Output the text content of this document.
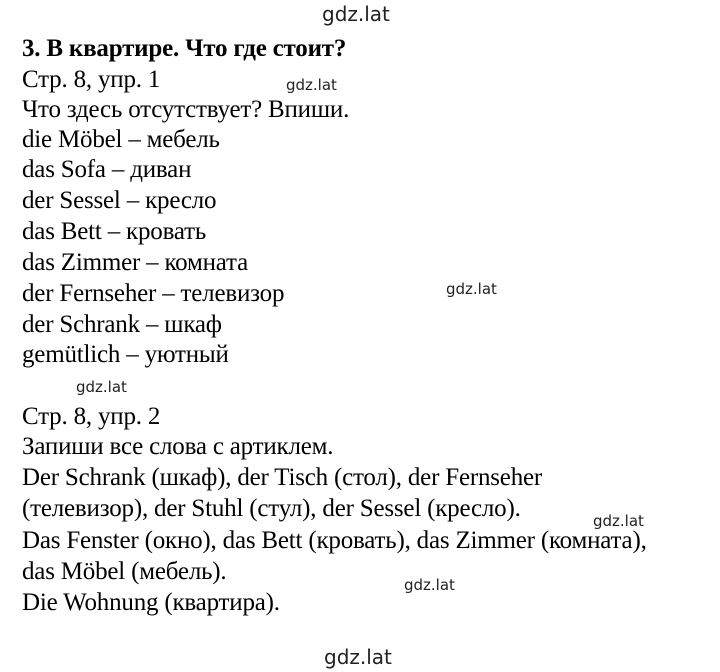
gdz.lat
gdz.lat
gdz.lat
gdz.lat
gdz.lat
gdz.lat
gdz.lat
3. В квартире. Что где стоит?
Стр. 8, упр. 1
Что здесь отсутствует? Впиши.
die Möbel – мебель
das Sofa – диван
der Sessel – кресло
das Bett – кровать
das Zimmer – комната
der Fernseher – телевизор
der Schrank – шкаф
gemütlich – уютный
Стр. 8, упр. 2
Запиши все слова с артиклем.
Der Schrank (шкаф), der Tisch (стол), der Fernseher
(телевизор), der Stuhl (стул), der Sessel (кресло).
Das Fenster (окно), das Bett (кровать), das Zimmer (комната),
das Möbel (мебель).
Die Wohnung (квартира).
